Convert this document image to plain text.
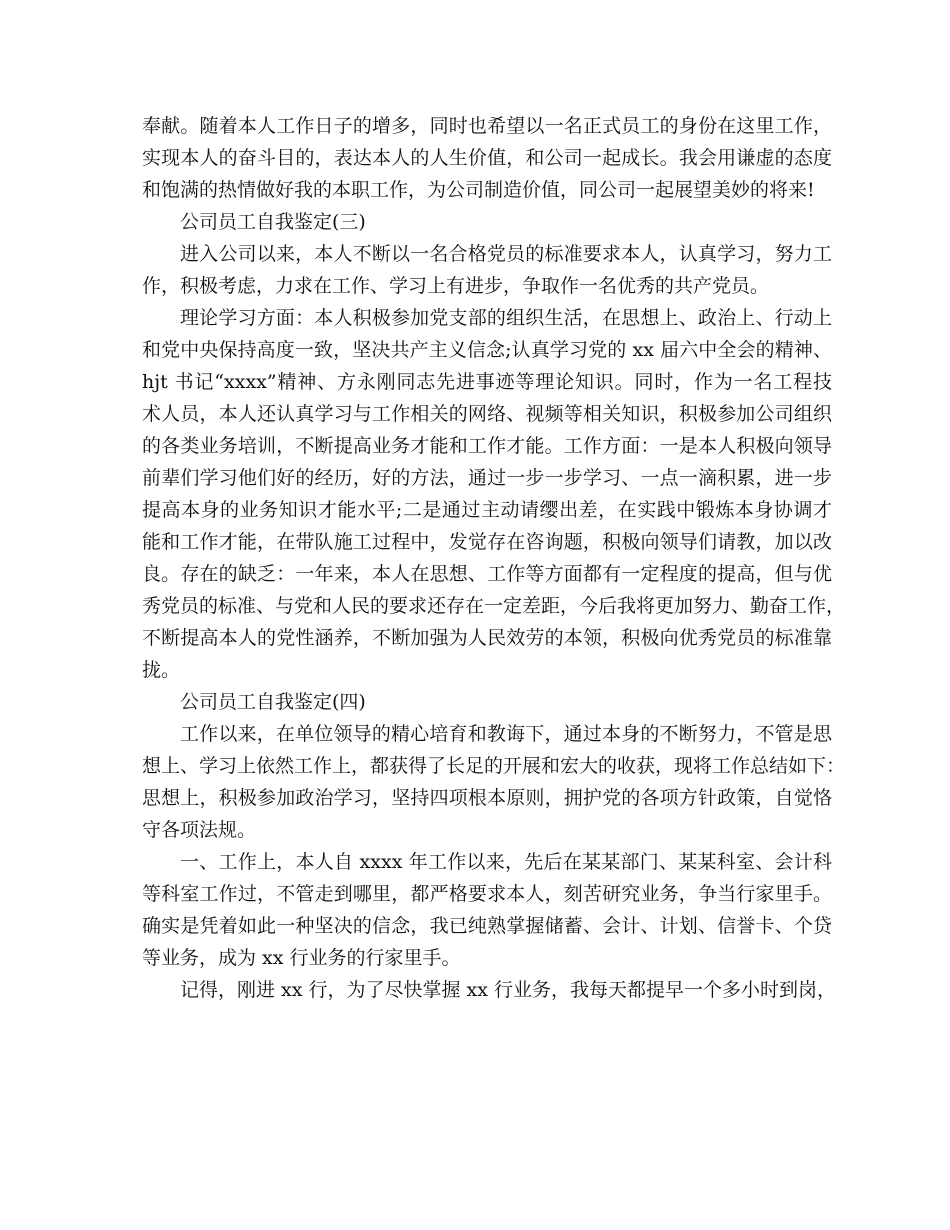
奉献。随着本人工作日子的增多，同时也希望以一名正式员工的身份在这里工作，
实现本人的奋斗目的，表达本人的人生价值，和公司一起成长。我会用谦虚的态度
和饱满的热情做好我的本职工作，为公司制造价值，同公司一起展望美妙的将来!
公司员工自我鉴定(三)
进入公司以来，本人不断以一名合格党员的标准要求本人，认真学习，努力工
作，积极考虑，力求在工作、学习上有进步，争取作一名优秀的共产党员。
理论学习方面：本人积极参加党支部的组织生活，在思想上、政治上、行动上
和党中央保持高度一致，坚决共产主义信念;认真学习党的 xx 届六中全会的精神、
hjt 书记“xxxx”精神、方永刚同志先进事迹等理论知识。同时，作为一名工程技
术人员，本人还认真学习与工作相关的网络、视频等相关知识，积极参加公司组织
的各类业务培训，不断提高业务才能和工作才能。工作方面：一是本人积极向领导
前辈们学习他们好的经历，好的方法，通过一步一步学习、一点一滴积累，进一步
提高本身的业务知识才能水平;二是通过主动请缨出差，在实践中锻炼本身协调才
能和工作才能，在带队施工过程中，发觉存在咨询题，积极向领导们请教，加以改
良。存在的缺乏：一年来，本人在思想、工作等方面都有一定程度的提高，但与优
秀党员的标准、与党和人民的要求还存在一定差距，今后我将更加努力、勤奋工作，
不断提高本人的党性涵养，不断加强为人民效劳的本领，积极向优秀党员的标准靠
拢。
公司员工自我鉴定(四)
工作以来，在单位领导的精心培育和教诲下，通过本身的不断努力，不管是思
想上、学习上依然工作上，都获得了长足的开展和宏大的收获，现将工作总结如下：
思想上，积极参加政治学习，坚持四项根本原则，拥护党的各项方针政策，自觉恪
守各项法规。
一、工作上，本人自 xxxx 年工作以来，先后在某某部门、某某科室、会计科
等科室工作过，不管走到哪里，都严格要求本人，刻苦研究业务，争当行家里手。
确实是凭着如此一种坚决的信念，我已纯熟掌握储蓄、会计、计划、信誉卡、个贷
等业务，成为 xx 行业务的行家里手。
记得，刚进 xx 行，为了尽快掌握 xx 行业务，我每天都提早一个多小时到岗，
